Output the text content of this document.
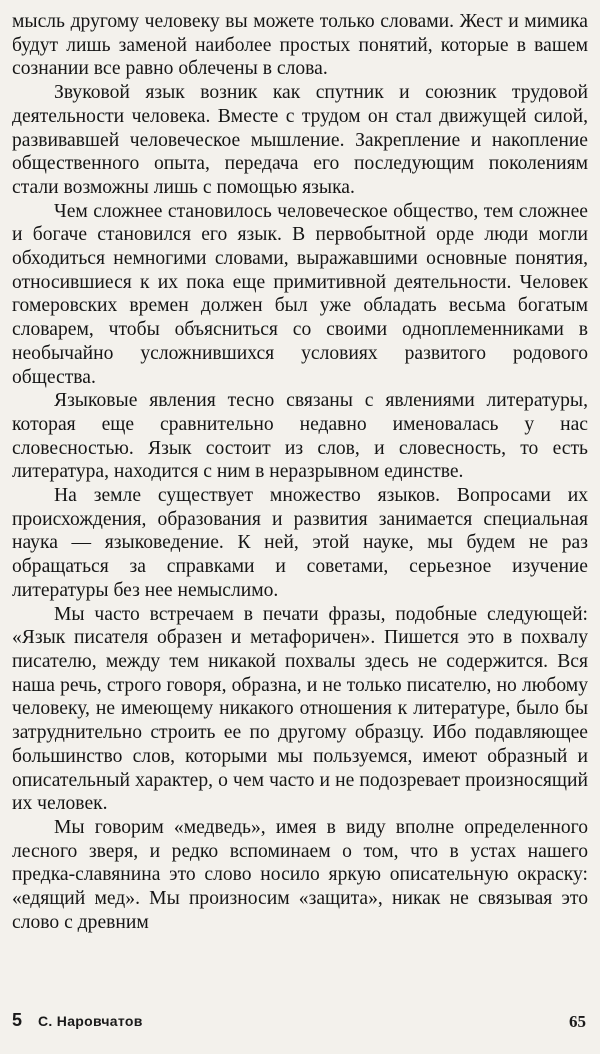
мысль другому человеку вы можете только словами. Жест и мимика будут лишь заменой наиболее простых понятий, которые в вашем сознании все равно облечены в слова.

Звуковой язык возник как спутник и союзник трудовой деятельности человека. Вместе с трудом он стал движущей силой, развивавшей человеческое мышление. Закрепление и накопление общественного опыта, передача его последующим поколениям стали возможны лишь с помощью языка.

Чем сложнее становилось человеческое общество, тем сложнее и богаче становился его язык. В первобытной орде люди могли обходиться немногими словами, выражавшими основные понятия, относившиеся к их пока еще примитивной деятельности. Человек гомеровских времен должен был уже обладать весьма богатым словарем, чтобы объясниться со своими одноплеменниками в необычайно усложнившихся условиях развитого родового общества.

Языковые явления тесно связаны с явлениями литературы, которая еще сравнительно недавно именовалась у нас словесностью. Язык состоит из слов, и словесность, то есть литература, находится с ним в неразрывном единстве.

На земле существует множество языков. Вопросами их происхождения, образования и развития занимается специальная наука — языковедение. К ней, этой науке, мы будем не раз обращаться за справками и советами, серьезное изучение литературы без нее немыслимо.

Мы часто встречаем в печати фразы, подобные следующей: «Язык писателя образен и метафоричен». Пишется это в похвалу писателю, между тем никакой похвалы здесь не содержится. Вся наша речь, строго говоря, образна, и не только писателю, но любому человеку, не имеющему никакого отношения к литературе, было бы затруднительно строить ее по другому образцу. Ибо подавляющее большинство слов, которыми мы пользуемся, имеют образный и описательный характер, о чем часто и не подозревает произносящий их человек.

Мы говорим «медведь», имея в виду вполне определенного лесного зверя, и редко вспоминаем о том, что в устах нашего предка-славянина это слово носило яркую описательную окраску: «едящий мед». Мы произносим «защита», никак не связывая это слово с древним

5 С. Наровчатов	65
